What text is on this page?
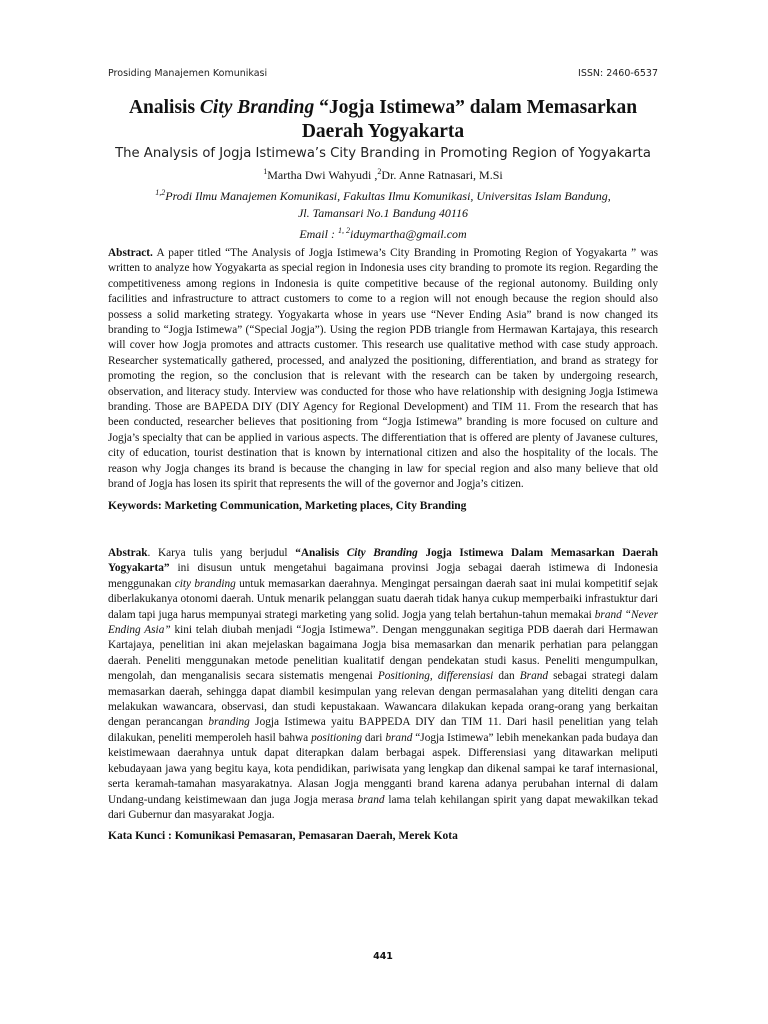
Prosiding Manajemen Komunikasi	ISSN: 2460-6537
Analisis City Branding “Jogja Istimewa” dalam Memasarkan Daerah Yogyakarta

The Analysis of Jogja Istimewa’s City Branding in Promoting Region of Yogyakarta

$^1$Martha Dwi Wahyudi ,$^2$Dr. Anne Ratnasari, M.Si
$^{1,2}$Prodi Ilmu Manajemen Komunikasi, Fakultas Ilmu Komunikasi, Universitas Islam Bandung,
Jl. Tamansari No.1 Bandung 40116
Email : $^{1, 2}$iduymartha@gmail.com

Abstract. A paper titled “The Analysis of Jogja Istimewa’s City Branding in Promoting Region of Yogyakarta ” was written to analyze how Yogyakarta as special region in Indonesia uses city branding to promote its region. Regarding the competitiveness among regions in Indonesia is quite competitive because of the regional autonomy. Building only facilities and infrastructure to attract customers to come to a region will not enough because the region should also possess a solid marketing strategy. Yogyakarta whose in years use “Never Ending Asia” brand is now changed its branding to “Jogja Istimewa” (“Special Jogja”). Using the region PDB triangle from Hermawan Kartajaya, this research will cover how Jogja promotes and attracts customer. This research use qualitative method with case study approach. Researcher systematically gathered, processed, and analyzed the positioning, differentiation, and brand as strategy for promoting the region, so the conclusion that is relevant with the research can be taken by undergoing research, observation, and literacy study. Interview was conducted for those who have relationship with designing Jogja Istimewa branding. Those are BAPEDA DIY (DIY Agency for Regional Development) and TIM 11. From the research that has been conducted, researcher believes that positioning from “Jogja Istimewa” branding is more focused on culture and Jogja’s specialty that can be applied in various aspects. The differentiation that is offered are plenty of Javanese cultures, city of education, tourist destination that is known by international citizen and also the hospitality of the locals. The reason why Jogja changes its brand is because the changing in law for special region and also many believe that old brand of Jogja has losen its spirit that represents the will of the governor and Jogja’s citizen.

Keywords: Marketing Communication, Marketing places, City Branding

Abstrak. Karya tulis yang berjudul “Analisis City Branding Jogja Istimewa Dalam Memasarkan Daerah Yogyakarta” ini disusun untuk mengetahui bagaimana provinsi Jogja sebagai daerah istimewa di Indonesia menggunakan city branding untuk memasarkan daerahnya. Mengingat persaingan daerah saat ini mulai kompetitif sejak diberlakukanya otonomi daerah. Untuk menarik pelanggan suatu daerah tidak hanya cukup memperbaiki infrastuktur dari dalam tapi juga harus mempunyai strategi marketing yang solid. Jogja yang telah bertahun-tahun memakai brand “Never Ending Asia” kini telah diubah menjadi “Jogja Istimewa”. Dengan menggunakan segitiga PDB daerah dari Hermawan Kartajaya, penelitian ini akan mejelaskan bagaimana Jogja bisa memasarkan dan menarik perhatian para pelanggan daerah. Peneliti menggunakan metode penelitian kualitatif dengan pendekatan studi kasus. Peneliti mengumpulkan, mengolah, dan menganalisis secara sistematis mengenai Positioning, differensiasi dan Brand sebagai strategi dalam memasarkan daerah, sehingga dapat diambil kesimpulan yang relevan dengan permasalahan yang diteliti dengan cara melakukan wawancara, observasi, dan studi kepustakaan. Wawancara dilakukan kepada orang-orang yang berkaitan dengan perancangan branding Jogja Istimewa yaitu BAPPEDA DIY dan TIM 11. Dari hasil penelitian yang telah dilakukan, peneliti memperoleh hasil bahwa positioning dari brand “Jogja Istimewa” lebih menekankan pada budaya dan keistimewaan daerahnya untuk dapat diterapkan dalam berbagai aspek. Differensiasi yang ditawarkan meliputi kebudayaan jawa yang begitu kaya, kota pendidikan, pariwisata yang lengkap dan dikenal sampai ke taraf internasional, serta keramah-tamahan masyarakatnya. Alasan Jogja mengganti brand karena adanya perubahan internal di dalam Undang-undang keistimewaan dan juga Jogja merasa brand lama telah kehilangan spirit yang dapat mewakilkan tekad dari Gubernur dan masyarakat Jogja.

Kata Kunci : Komunikasi Pemasaran, Pemasaran Daerah, Merek Kota

441
